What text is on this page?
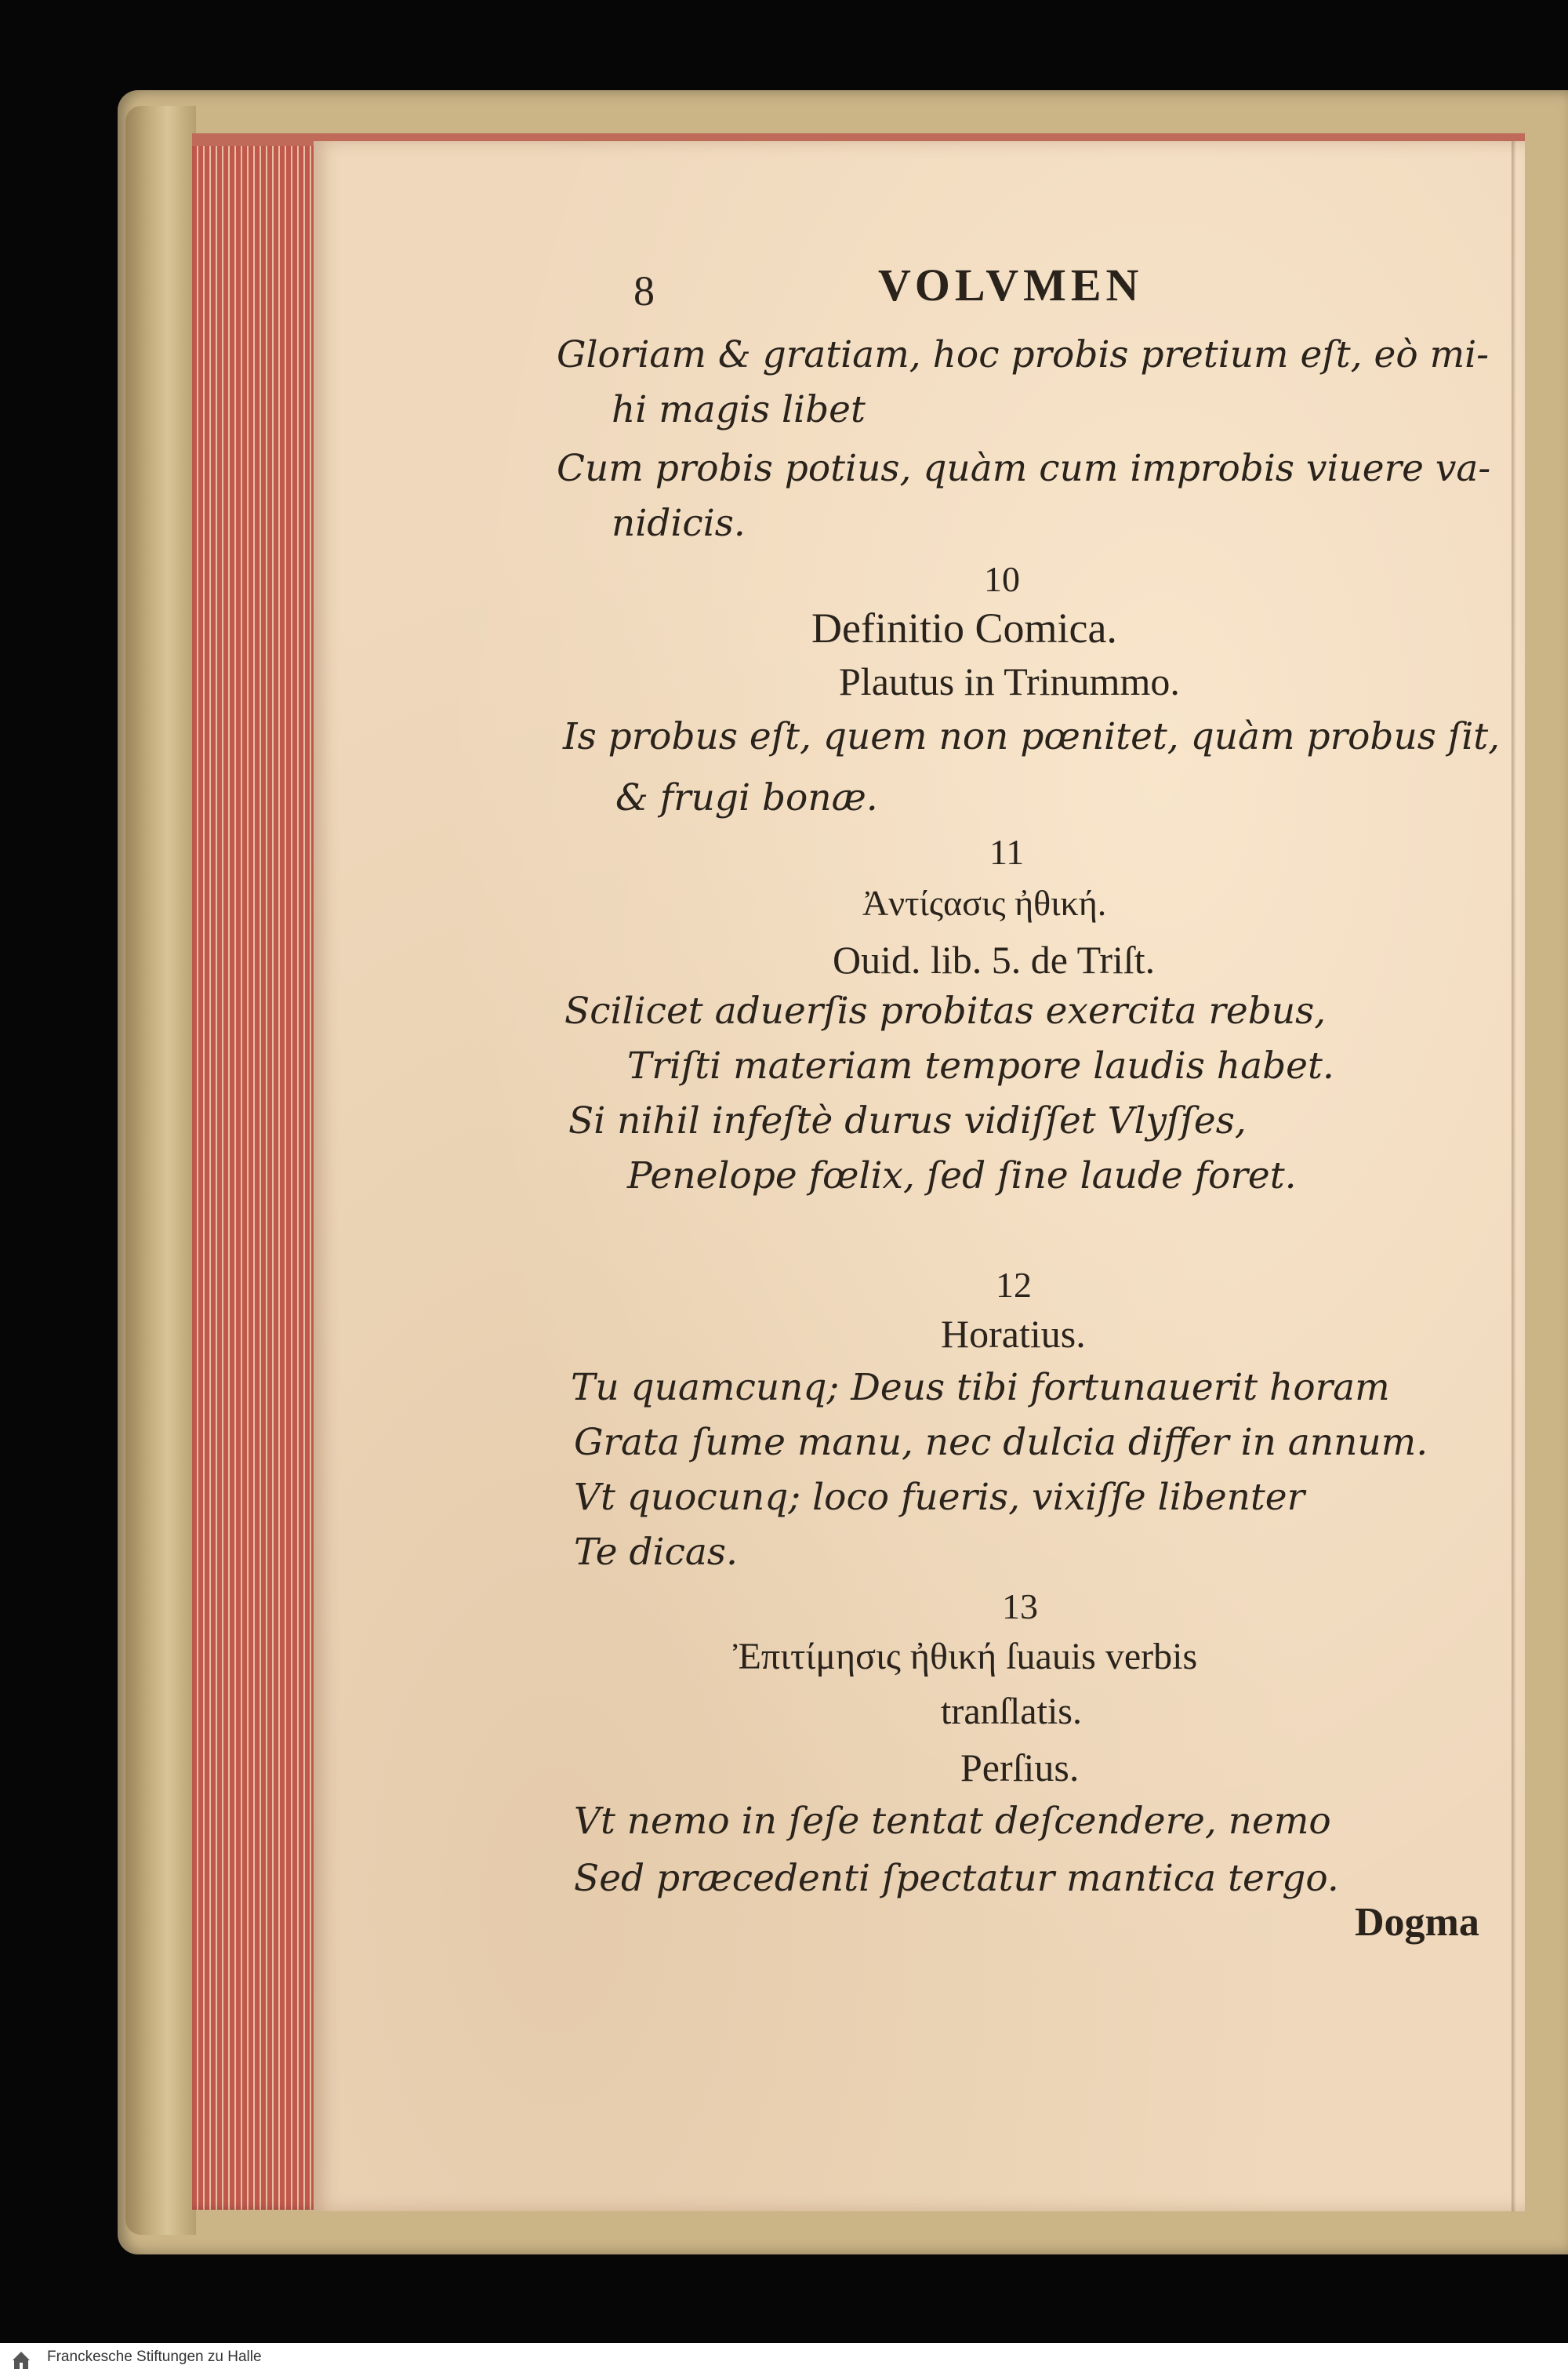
8	VOLVMEN

Gloriam & gratiam, hoc probis pretium eſt, eò mi-

hi magis libet

Cum probis potius, quàm cum improbis viuere va-

nidicis.

10

Definitio Comica.

Plautus in Trinummo.

Is probus eſt, quem non pœnitet, quàm probus ſit,

& frugi bonæ.

11

Ἀντίςασις ἠθική.

Ouid. lib. 5. de Triſt.

Scilicet aduerſis probitas exercita rebus,

Triſti materiam tempore laudis habet.

Si nihil infeſtè durus vidiſſet Vlyſſes,

Penelope fœlix, ſed ſine laude foret.

12

Horatius.

Tu quamcunq; Deus tibi fortunauerit horam

Grata ſume manu, nec dulcia differ in annum.

Vt quocunq; loco fueris, vixiſſe libenter

Te dicas.

13

Ἐπιτίμησις ἠθική ſuauis verbis

tranſlatis.

Perſius.

Vt nemo in ſeſe tentat deſcendere, nemo

Sed præcedenti ſpectatur mantica tergo.

Dogma

Franckesche Stiftungen zu Halle
